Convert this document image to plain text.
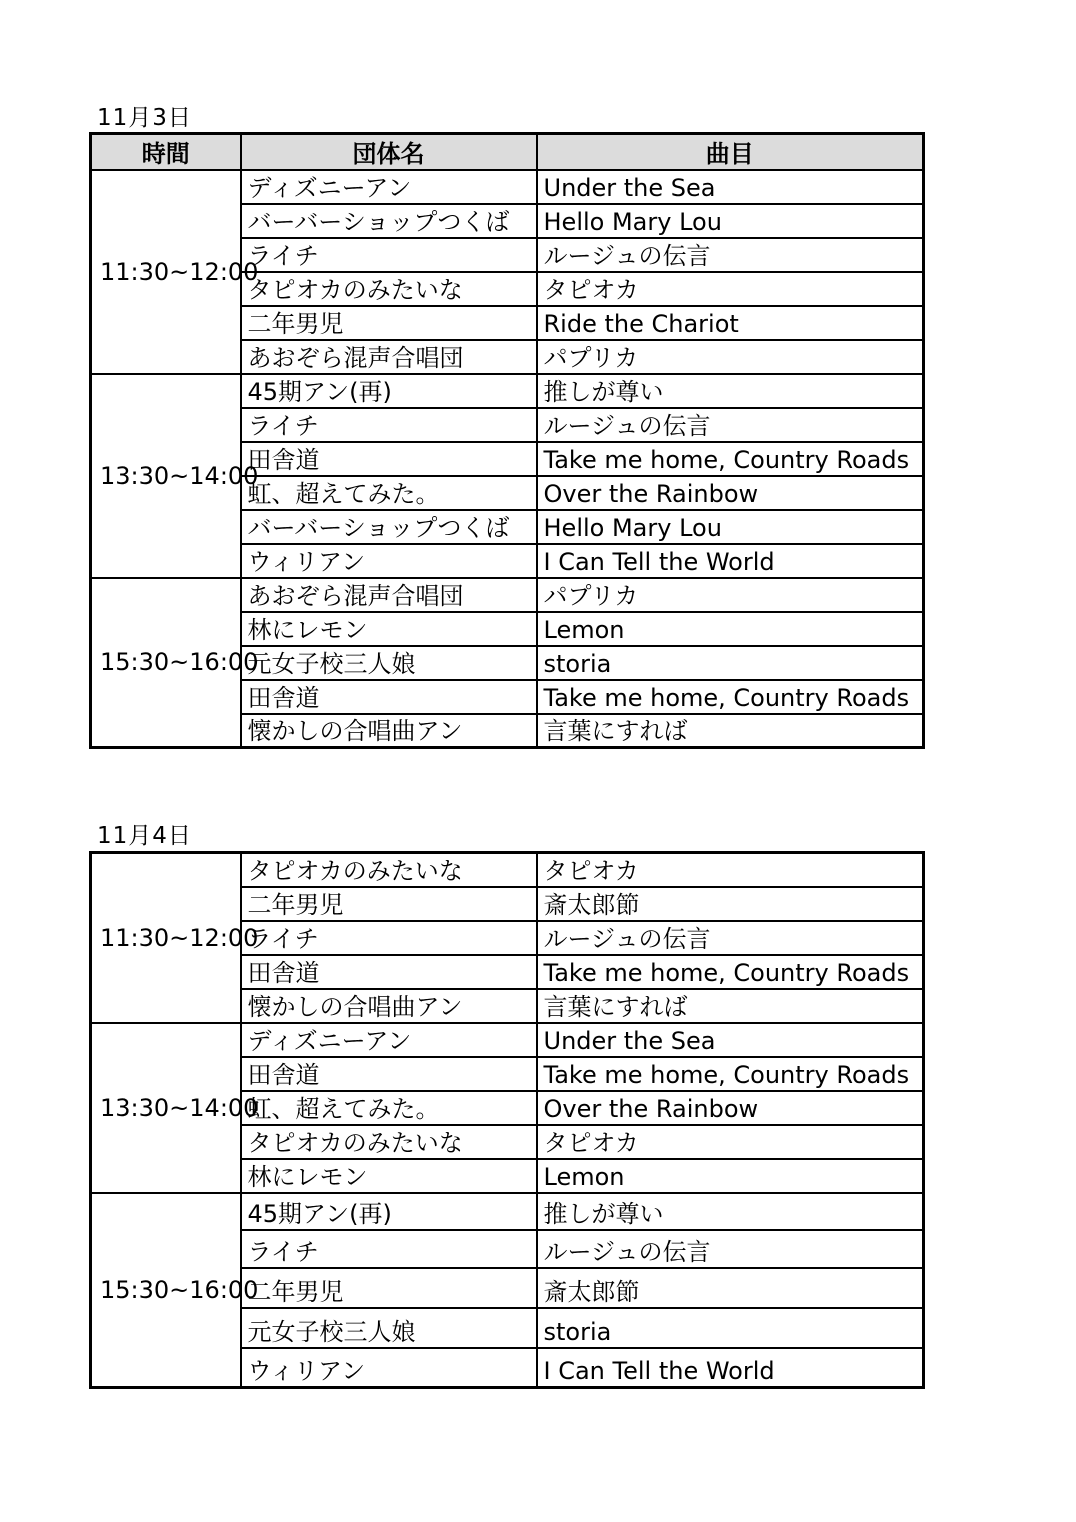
11月3日
時間	団体名	曲目
11:30~12:00	ディズニーアン	Under the Sea
	バーバーショップつくば	Hello Mary Lou
	ライチ	ルージュの伝言
	タピオカのみたいな	タピオカ
	二年男児	Ride the Chariot
	あおぞら混声合唱団	パプリカ
13:30~14:00	45期アン(再)	推しが尊い
	ライチ	ルージュの伝言
	田舎道	Take me home, Country Roads
	虹、超えてみた。	Over the Rainbow
	バーバーショップつくば	Hello Mary Lou
	ウィリアン	I Can Tell the World
15:30~16:00	あおぞら混声合唱団	パプリカ
	林にレモン	Lemon
	元女子校三人娘	storia
	田舎道	Take me home, Country Roads
	懐かしの合唱曲アン	言葉にすれば
11月4日
11:30~12:00	タピオカのみたいな	タピオカ
	二年男児	斎太郎節
	ライチ	ルージュの伝言
	田舎道	Take me home, Country Roads
	懐かしの合唱曲アン	言葉にすれば
13:30~14:00	ディズニーアン	Under the Sea
	田舎道	Take me home, Country Roads
	虹、超えてみた。	Over the Rainbow
	タピオカのみたいな	タピオカ
	林にレモン	Lemon
15:30~16:00	45期アン(再)	推しが尊い
	ライチ	ルージュの伝言
	二年男児	斎太郎節
	元女子校三人娘	storia
	ウィリアン	I Can Tell the World
